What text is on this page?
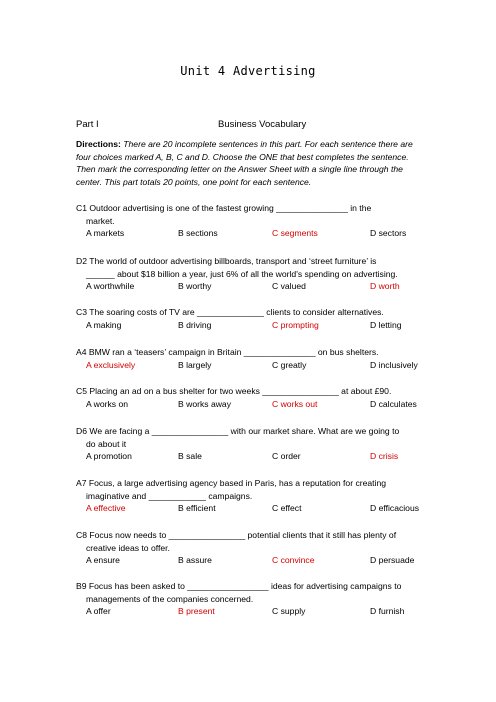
Unit 4 Advertising
Part I	Business Vocabulary
Directions: There are 20 incomplete sentences in this part. For each sentence there are four choices marked A, B, C and D. Choose the ONE that best completes the sentence. Then mark the corresponding letter on the Answer Sheet with a single line through the center. This part totals 20 points, one point for each sentence.
C1 Outdoor advertising is one of the fastest growing _______________ in the
market.
A markets	B sections	C segments	D sectors
D2 The world of outdoor advertising billboards, transport and ‘street furniture’ is
______ about $18 billion a year, just 6% of all the world's spending on advertising.
A worthwhile	B worthy	C valued	D worth
C3 The soaring costs of TV are ______________ clients to consider alternatives.
A making	B driving	C prompting	D letting
A4 BMW ran a ‘teasers’ campaign in Britain _______________ on bus shelters.
A exclusively	B largely	C greatly	D inclusively
C5 Placing an ad on a bus shelter for two weeks ________________ at about £90.
A works on	B works away	C works out	D calculates
D6 We are facing a ________________ with our market share. What are we going to
do about it
A promotion	B sale	C order	D crisis
A7 Focus, a large advertising agency based in Paris, has a reputation for creating
imaginative and ____________ campaigns.
A effective	B efficient	C effect	D efficacious
C8 Focus now needs to ________________ potential clients that it still has plenty of
creative ideas to offer.
A ensure	B assure	C convince	D persuade
B9 Focus has been asked to _________________ ideas for advertising campaigns to
managements of the companies concerned.
A offer	B present	C supply	D furnish
